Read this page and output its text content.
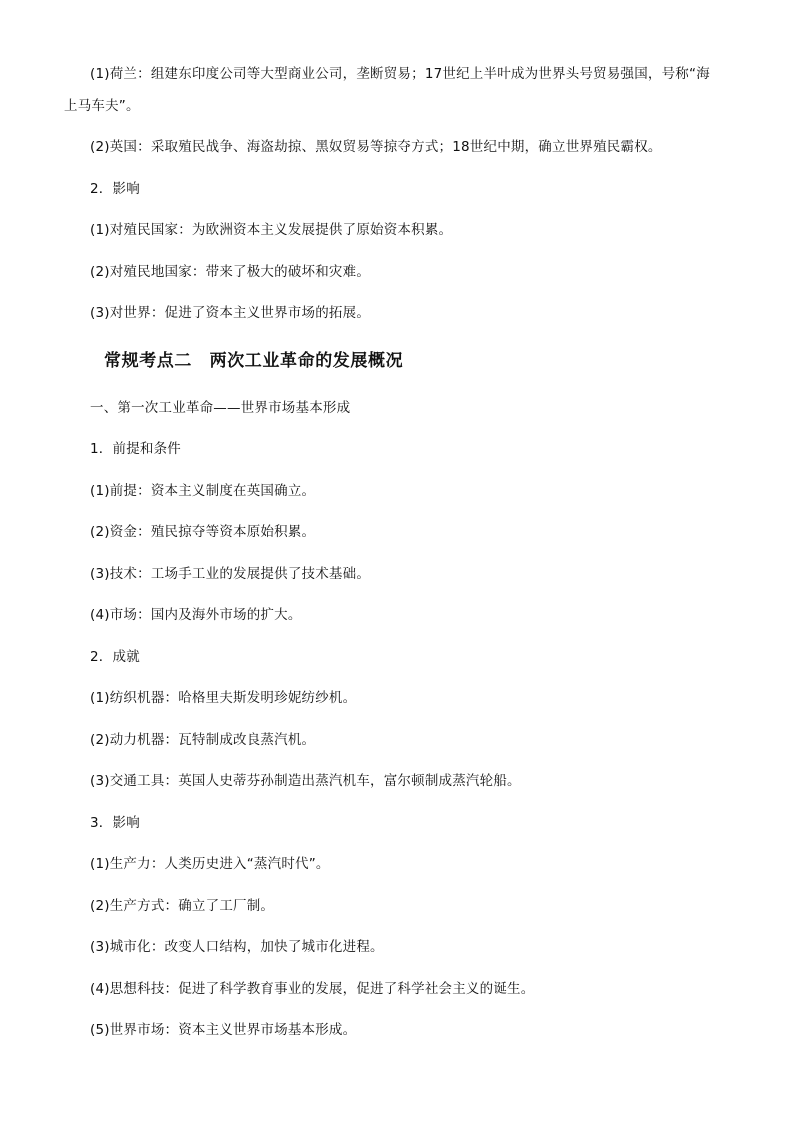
(1)荷兰：组建东印度公司等大型商业公司，垄断贸易；17世纪上半叶成为世界头号贸易强国，号称“海
上马车夫”。
(2)英国：采取殖民战争、海盗劫掠、黑奴贸易等掠夺方式；18世纪中期，确立世界殖民霸权。
2．影响
(1)对殖民国家：为欧洲资本主义发展提供了原始资本积累。
(2)对殖民地国家：带来了极大的破坏和灾难。
(3)对世界：促进了资本主义世界市场的拓展。
常规考点二　两次工业革命的发展概况
一、第一次工业革命——世界市场基本形成
1．前提和条件
(1)前提：资本主义制度在英国确立。
(2)资金：殖民掠夺等资本原始积累。
(3)技术：工场手工业的发展提供了技术基础。
(4)市场：国内及海外市场的扩大。
2．成就
(1)纺织机器：哈格里夫斯发明珍妮纺纱机。
(2)动力机器：瓦特制成改良蒸汽机。
(3)交通工具：英国人史蒂芬孙制造出蒸汽机车，富尔顿制成蒸汽轮船。
3．影响
(1)生产力：人类历史进入“蒸汽时代”。
(2)生产方式：确立了工厂制。
(3)城市化：改变人口结构，加快了城市化进程。
(4)思想科技：促进了科学教育事业的发展，促进了科学社会主义的诞生。
(5)世界市场：资本主义世界市场基本形成。
